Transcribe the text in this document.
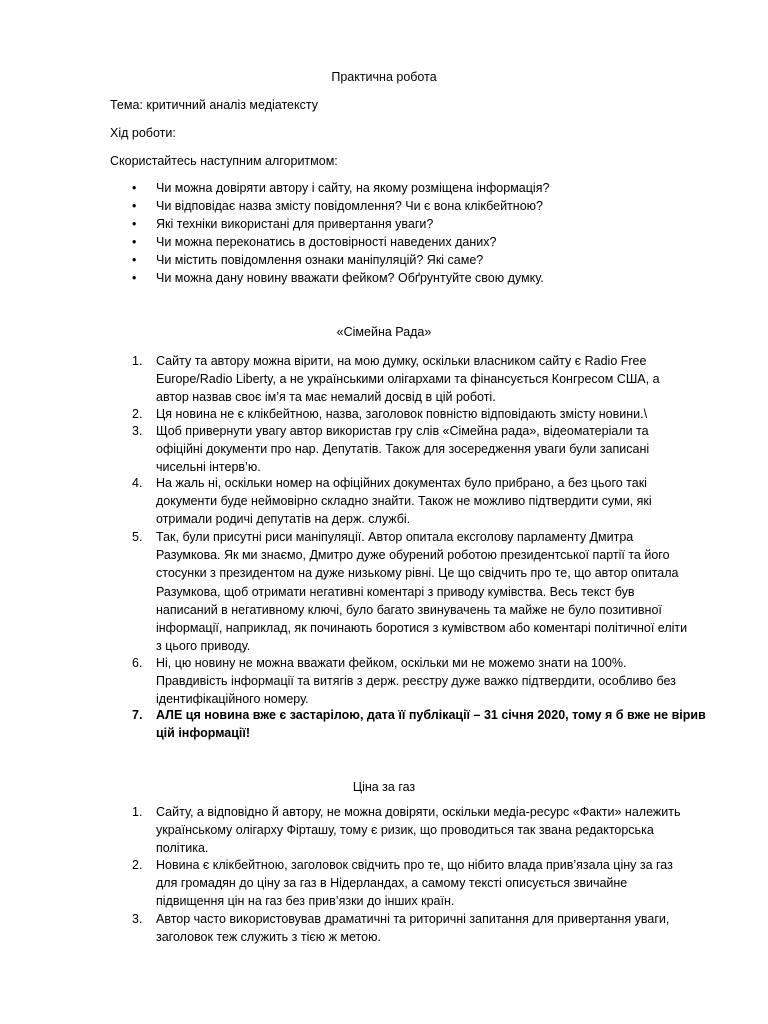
Практична робота
Тема: критичний аналіз медіатексту
Хід роботи:
Скористайтесь наступним алгоритмом:
• Чи можна довіряти автору і сайту, на якому розміщена інформація?
• Чи відповідає назва змісту повідомлення? Чи є вона клікбейтною?
• Які техніки використані для привертання уваги?
• Чи можна переконатись в достовірності наведених даних?
• Чи містить повідомлення ознаки маніпуляцій? Які саме?
• Чи можна дану новину вважати фейком? Обґрунтуйте свою думку.
«Сімейна Рада»
1. Сайту та автору можна вірити, на мою думку, оскільки власником сайту є Radio Free
Europe/Radio Liberty, а не українськими олігархами та фінансується Конгресом США, а
автор назвав своє ім’я та має немалий досвід в цій роботі.
2. Ця новина не є клікбейтною, назва, заголовок повністю відповідають змісту новини.\
3. Щоб привернути увагу автор використав гру слів «Сімейна рада», відеоматеріали та
офіційні документи про нар. Депутатів. Також для зосередження уваги були записані
чисельні інтерв’ю.
4. На жаль ні, оскільки номер на офіційних документах було прибрано, а без цього такі
документи буде неймовірно складно знайти. Також не можливо підтвердити суми, які
отримали родичі депутатів на держ. службі.
5. Так, були присутні риси маніпуляції. Автор опитала ексголову парламенту Дмитра
Разумкова. Як ми знаємо, Дмитро дуже обурений роботою президентської партії та його
стосунки з президентом на дуже низькому рівні. Це що свідчить про те, що автор опитала
Разумкова, щоб отримати негативні коментарі з приводу кумівства. Весь текст був
написаний в негативному ключі, було багато звинувачень та майже не було позитивної
інформації, наприклад, як починають боротися з кумівством або коментарі політичної еліти
з цього приводу.
6. Ні, цю новину не можна вважати фейком, оскільки ми не можемо знати на 100%.
Правдивість інформації та витягів з держ. реєстру дуже важко підтвердити, особливо без
ідентифікаційного номеру.
7. АЛЕ ця новина вже є застарілою, дата її публікації – 31 січня 2020, тому я б вже не вірив
цій інформації!
Ціна за газ
1. Сайту, а відповідно й автору, не можна довіряти, оскільки медіа-ресурс «Факти» належить
українському олігарху Фірташу, тому є ризик, що проводиться так звана редакторська
політика.
2. Новина є клікбейтною, заголовок свідчить про те, що нібито влада прив’язала ціну за газ
для громадян до ціну за газ в Нідерландах, а самому тексті описується звичайне
підвищення цін на газ без прив’язки до інших країн.
3. Автор часто використовував драматичні та риторичні запитання для привертання уваги,
заголовок теж служить з тією ж метою.
